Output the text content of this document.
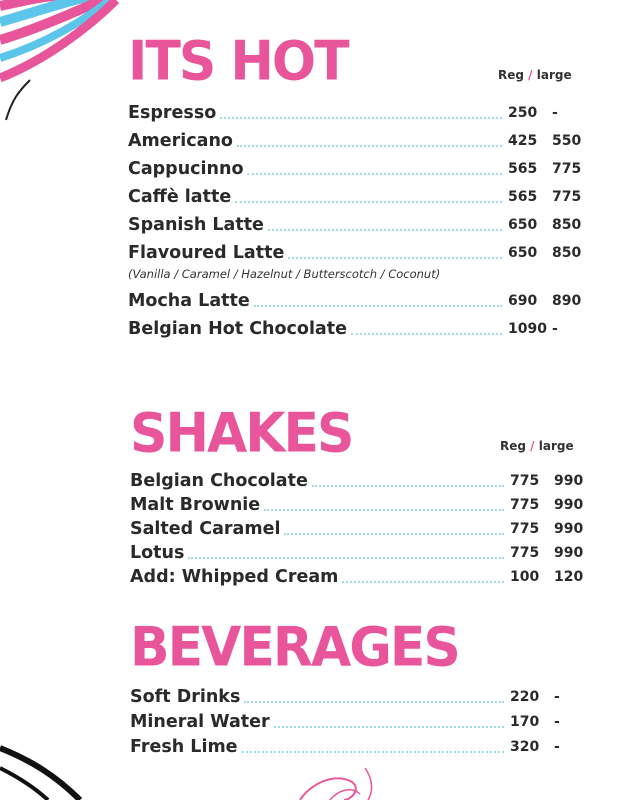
ITS HOT	Reg / large
Espresso	250	-
Americano	425	550
Cappucinno	565	775
Caffè latte	565	775
Spanish Latte	650	850
Flavoured Latte	650	850
(Vanilla / Caramel / Hazelnut / Butterscotch / Coconut)
Mocha Latte	690	890
Belgian Hot Chocolate	1090 -
SHAKES	Reg / large
Belgian Chocolate	775	990
Malt Brownie	775	990
Salted Caramel	775	990
Lotus	775	990
Add: Whipped Cream	100	120
BEVERAGES
Soft Drinks	220	-
Mineral Water	170	-
Fresh Lime	320	-
